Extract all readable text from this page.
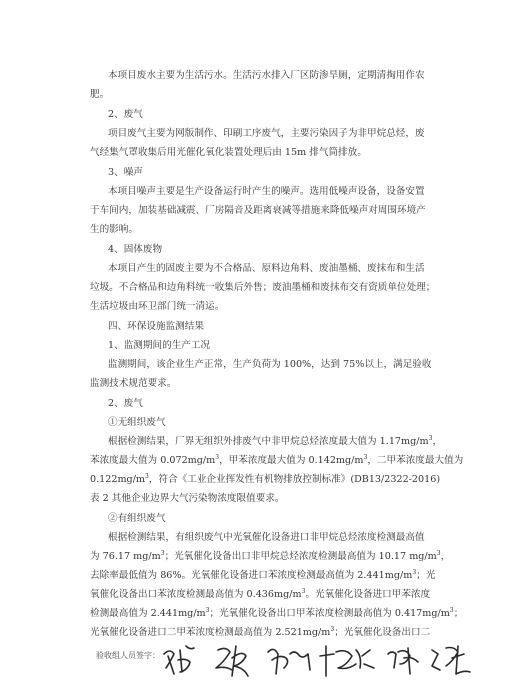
本项目废水主要为生活污水。生活污水排入厂区防渗旱厕，定期清掏用作农
肥。
2、废气
项目废气主要为网版制作、印刷工序废气，主要污染因子为非甲烷总烃，废
气经集气罩收集后用光催化氧化装置处理后由 15m 排气筒排放。
3、噪声
本项目噪声主要是生产设备运行时产生的噪声。选用低噪声设备，设备安置
于车间内，加装基础减震、厂房隔音及距离衰减等措施来降低噪声对周围环境产
生的影响。
4、固体废物
本项目产生的固废主要为不合格品、原料边角料、废油墨桶、废抹布和生活
垃圾。不合格品和边角料统一收集后外售；废油墨桶和废抹布交有资质单位处理；
生活垃圾由环卫部门统一清运。
四、环保设施监测结果
1、监测期间的生产工况
监测期间，该企业生产正常，生产负荷为 100%，达到 75%以上，满足验收
监测技术规范要求。
2、废气
①无组织废气
根据检测结果，厂界无组织外排废气中非甲烷总烃浓度最大值为 $1.17mg/m^3$，
苯浓度最大值为 $0.072mg/m^3$，甲苯浓度最大值为 $0.142mg/m^3$，二甲苯浓度最大值为
$0.122mg/m^3$，符合《工业企业挥发性有机物排放控制标准》(DB13/2322-2016)
表 2 其他企业边界大气污染物浓度限值要求。
②有组织废气
根据检测结果，有组织废气中光氧催化设备进口非甲烷总烃浓度检测最高值
为 76.17 $mg/m^3$；光氧催化设备出口非甲烷总烃浓度检测最高值为 10.17 $mg/m^3$，
去除率最低值为 86%。光氧催化设备进口苯浓度检测最高值为 $2.441mg/m^3$；光
氧催化设备出口苯浓度检测最高值为 $0.436mg/m^3$。光氧催化设备进口甲苯浓度
检测最高值为 $2.441mg/m^3$；光氧催化设备出口甲苯浓度检测最高值为 $0.417mg/m^3$；
光氧催化设备进口二甲苯浓度检测最高值为 $2.521mg/m^3$；光氧催化设备出口二
验收组人员签字：
